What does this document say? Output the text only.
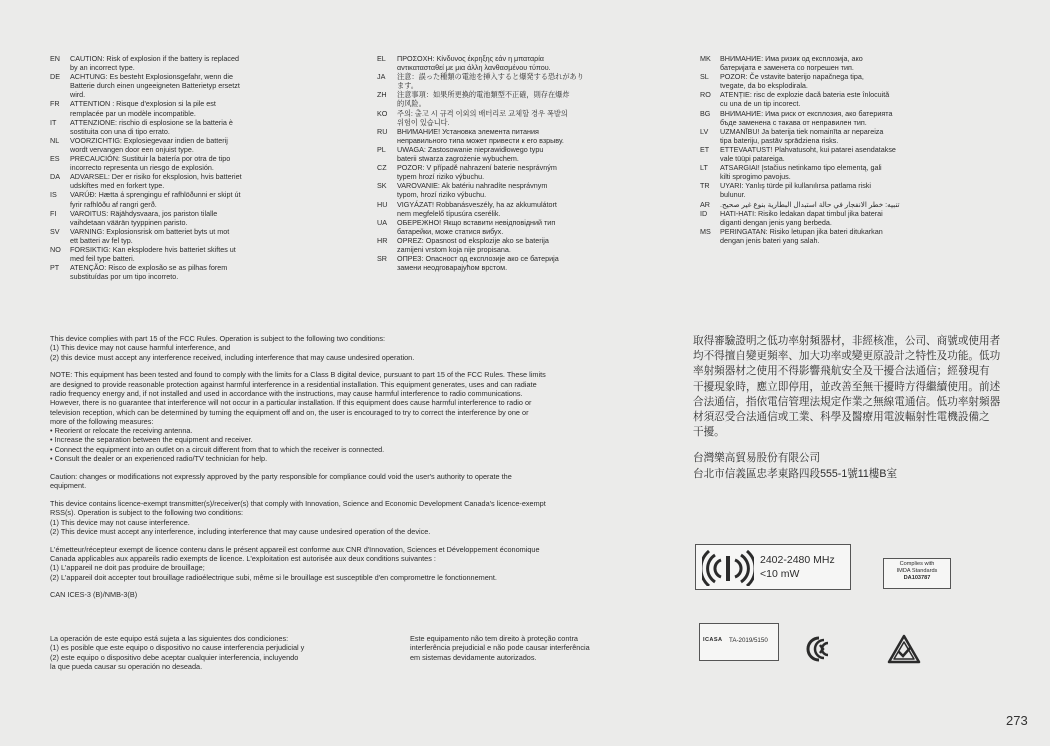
EN	CAUTION: Risk of explosion if the battery is replaced
by an incorrect type.
DE	ACHTUNG: Es besteht Explosionsgefahr, wenn die
Batterie durch einen ungeeigneten Batterietyp ersetzt
wird.
FR	ATTENTION : Risque d'explosion si la pile est
remplacée par un modèle incompatible.
IT	ATTENZIONE: rischio di esplosione se la batteria è
sostituita con una di tipo errato.
NL	VOORZICHTIG: Explosiegevaar indien de batterij
wordt vervangen door een onjuist type.
ES	PRECAUCIÓN: Sustituir la batería por otra de tipo
incorrecto representa un riesgo de explosión.
DA	ADVARSEL: Der er risiko for eksplosion, hvis batteriet
udskiftes med en forkert type.
IS	VARÚÐ: Hætta á sprengingu ef rafhlöðunni er skipt út
fyrir rafhlöðu af rangri gerð.
FI	VAROITUS: Räjähdysvaara, jos pariston tilalle
vaihdetaan väärän tyyppinen paristo.
SV	VARNING: Explosionsrisk om batteriet byts ut mot
ett batteri av fel typ.
NO	FORSIKTIG: Kan eksplodere hvis batteriet skiftes ut
med feil type batteri.
PT	ATENÇÃO: Risco de explosão se as pilhas forem
substituídas por um tipo incorreto.
EL	ΠΡΟΣΟΧΗ: Κίνδυνος έκρηξης εάν η μπαταρία
αντικατασταθεί με μια άλλη λανθασμένου τύπου.
JA	注意：誤った種類の電池を挿入すると爆発する恐れがあり
ます。
ZH	注意事項：如果所更換的電池類型不正確，則存在爆炸
的风险。
KO	주의: 출고 시 규격 이외의 배터리로 교체할 경우 폭발의
위험이 있습니다.
RU	ВНИМАНИЕ! Установка элемента питания
неправильного типа может привести к его взрыву.
PL	UWAGA: Zastosowanie nieprawidłowego typu
baterii stwarza zagrożenie wybuchem.
CZ	POZOR: V případě nahrazení baterie nesprávným
typem hrozí riziko výbuchu.
SK	VAROVANIE: Ak batériu nahradíte nesprávnym
typom, hrozí riziko výbuchu.
HU	VIGYÁZAT! Robbanásveszély, ha az akkumulátort
nem megfelelő típusúra cserélik.
UA	ОБЕРЕЖНО! Якщо вставити невідповідний тип
батарейки, може статися вибух.
HR	OPREZ: Opasnost od eksplozije ako se baterija
zamijeni vrstom koja nije propisana.
SR	ОПРЕЗ: Опасност од експлозије ако се батерија
замени неодговарајућом врстом.
MK	ВНИМАНИЕ: Има ризик од експлозија, ако
батеријата е заменета со погрешен тип.
SL	POZOR: Če vstavite baterijo napačnega tipa,
tvegate, da bo eksplodirala.
RO	ATENȚIE: risc de explozie dacă bateria este înlocuită
cu una de un tip incorect.
BG	ВНИМАНИЕ: Има риск от експлозия, ако батерията
бъде заменена с такава от неправилен тип.
LV	UZMANĪBU! Ja baterija tiek nomainīta ar nepareiza
tipa bateriju, pastāv sprādziena risks.
ET	ETTEVAATUST! Plahvatusoht, kui patarei asendatakse
vale tüüpi patareiga.
LT	ATSARGIAI! Įstačius netinkamo tipo elementą, gali
kilti sprogimo pavojus.
TR	UYARI: Yanlış türde pil kullanılırsa patlama riski
bulunur.
AR	تنبيه: خطر الانفجار في حالة استبدال البطارية بنوع غير صحيح.
ID	HATI-HATI: Risiko ledakan dapat timbul jika baterai
diganti dengan jenis yang berbeda.
MS	PERINGATAN: Risiko letupan jika bateri ditukarkan
dengan jenis bateri yang salah.

This device complies with part 15 of the FCC Rules. Operation is subject to the following two conditions:
(1) This device may not cause harmful interference, and
(2) this device must accept any interference received, including interference that may cause undesired operation.

NOTE: This equipment has been tested and found to comply with the limits for a Class B digital device, pursuant to part 15 of the FCC Rules. These limits
are designed to provide reasonable protection against harmful interference in a residential installation. This equipment generates, uses and can radiate
radio frequency energy and, if not installed and used in accordance with the instructions, may cause harmful interference to radio communications.
However, there is no guarantee that interference will not occur in a particular installation. If this equipment does cause harmful interference to radio or
television reception, which can be determined by turning the equipment off and on, the user is encouraged to try to correct the interference by one or
more of the following measures:
• Reorient or relocate the receiving antenna.
• Increase the separation between the equipment and receiver.
• Connect the equipment into an outlet on a circuit different from that to which the receiver is connected.
• Consult the dealer or an experienced radio/TV technician for help.

Caution: changes or modifications not expressly approved by the party responsible for compliance could void the user's authority to operate the
equipment.

This device contains licence-exempt transmitter(s)/receiver(s) that comply with Innovation, Science and Economic Development Canada's licence-exempt
RSS(s). Operation is subject to the following two conditions:
(1) This device may not cause interference.
(2) This device must accept any interference, including interference that may cause undesired operation of the device.

L'émetteur/récepteur exempt de licence contenu dans le présent appareil est conforme aux CNR d'Innovation, Sciences et Développement économique
Canada applicables aux appareils radio exempts de licence. L'exploitation est autorisée aux deux conditions suivantes :
(1) L'appareil ne doit pas produire de brouillage;
(2) L'appareil doit accepter tout brouillage radioélectrique subi, même si le brouillage est susceptible d'en compromettre le fonctionnement.

CAN ICES-3 (B)/NMB-3(B)

取得審驗證明之低功率射頻器材，非經核准，公司、商號或使用者
均不得擅自變更頻率、加大功率或變更原設計之特性及功能。低功
率射頻器材之使用不得影響飛航安全及干擾合法通信；經發現有
干擾現象時，應立即停用，並改善至無干擾時方得繼續使用。前述
合法通信，指依電信管理法規定作業之無線電通信。低功率射頻器
材須忍受合法通信或工業、科學及醫療用電波輻射性電機設備之
干擾。

台灣樂高貿易股份有限公司
台北市信義區忠孝東路四段555-1號11樓B室

2402-2480 MHz
<10 mW
Complies with
IMDA Standards
DA103787
ICASA TA-2019/5150
La operación de este equipo está sujeta a las siguientes dos condiciones:
(1) es posible que este equipo o dispositivo no cause interferencia perjudicial y
(2) este equipo o dispositivo debe aceptar cualquier interferencia, incluyendo
la que pueda causar su operación no deseada.
Este equipamento não tem direito à proteção contra
interferência prejudicial e não pode causar interferência
em sistemas devidamente autorizados.
273
